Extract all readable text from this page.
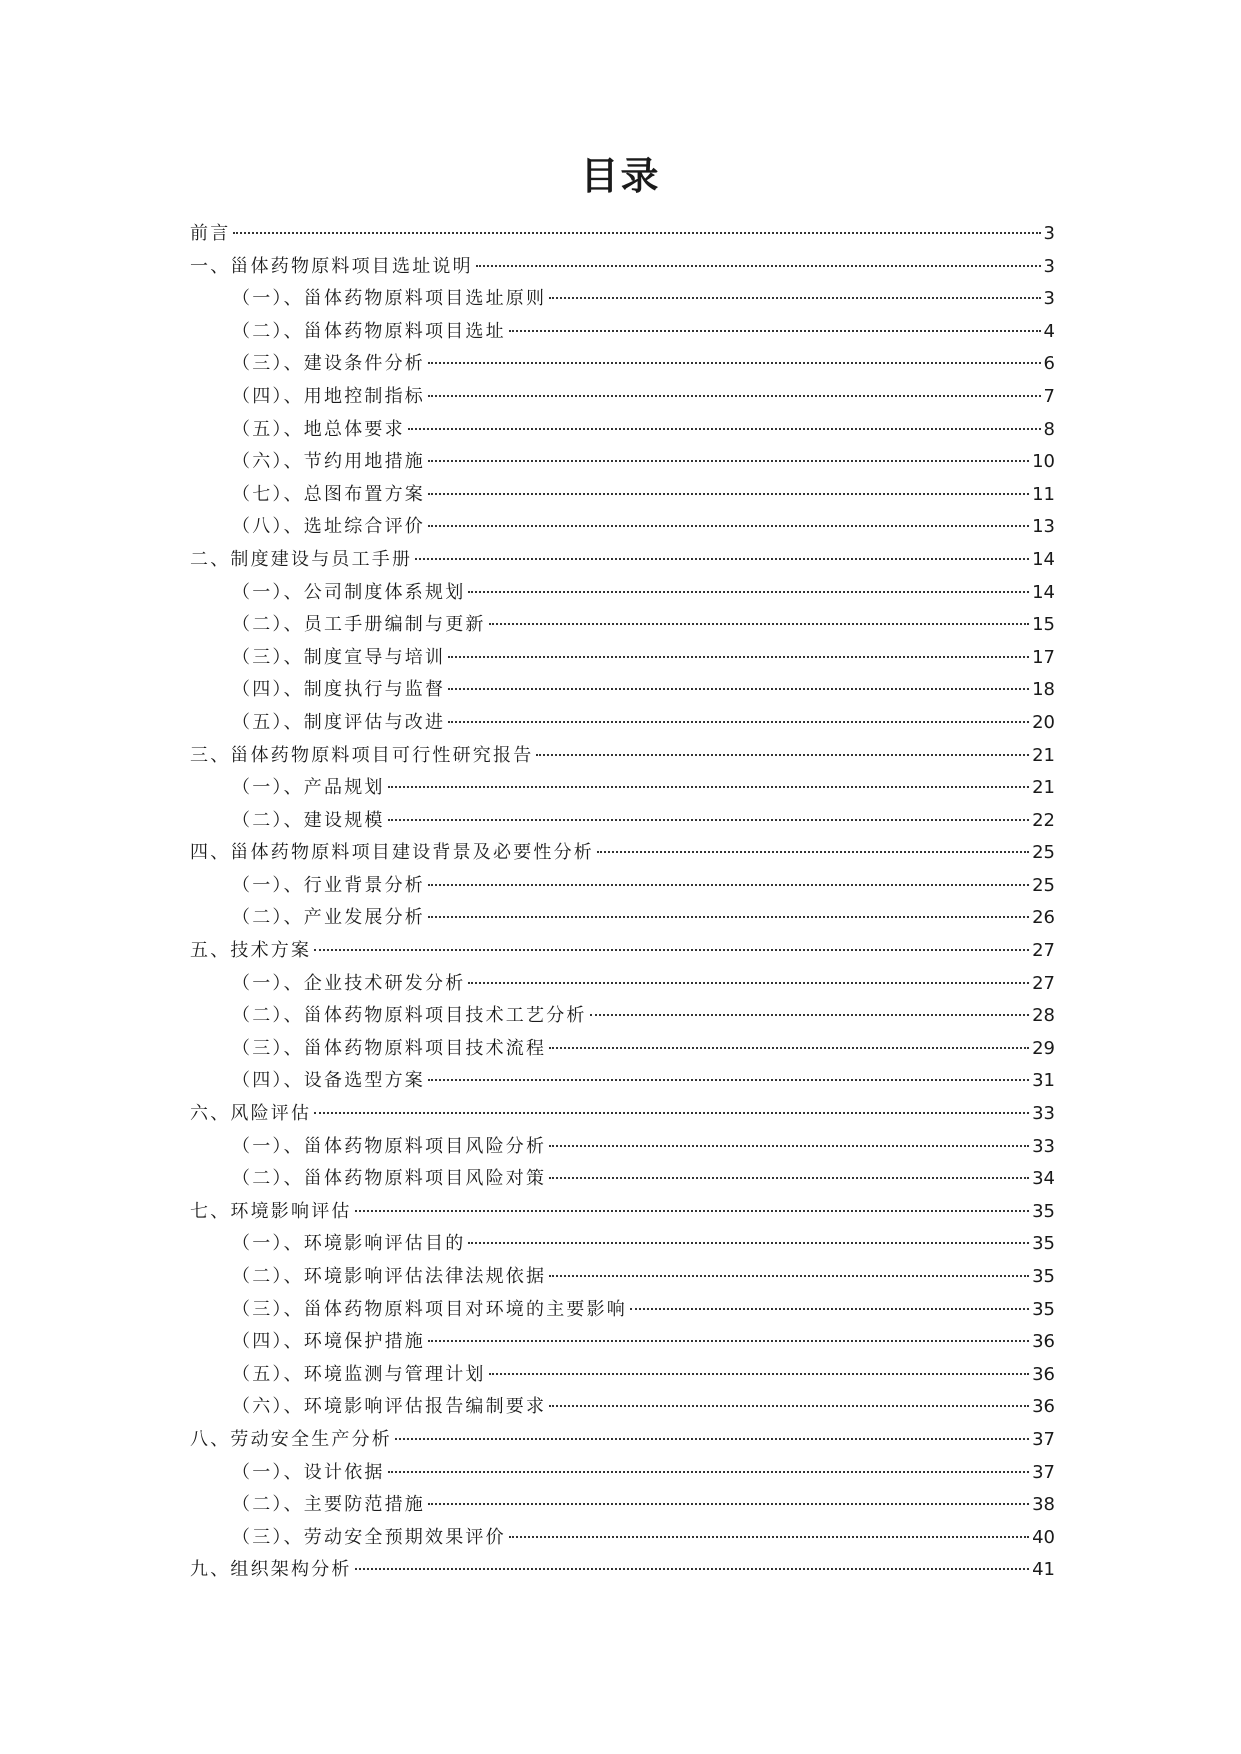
目录
前言	3
一、甾体药物原料项目选址说明	3
（一）、甾体药物原料项目选址原则	3
（二）、甾体药物原料项目选址	4
（三）、建设条件分析	6
（四）、用地控制指标	7
（五）、地总体要求	8
（六）、节约用地措施	10
（七）、总图布置方案	11
（八）、选址综合评价	13
二、制度建设与员工手册	14
（一）、公司制度体系规划	14
（二）、员工手册编制与更新	15
（三）、制度宣导与培训	17
（四）、制度执行与监督	18
（五）、制度评估与改进	20
三、甾体药物原料项目可行性研究报告	21
（一）、产品规划	21
（二）、建设规模	22
四、甾体药物原料项目建设背景及必要性分析	25
（一）、行业背景分析	25
（二）、产业发展分析	26
五、技术方案	27
（一）、企业技术研发分析	27
（二）、甾体药物原料项目技术工艺分析	28
（三）、甾体药物原料项目技术流程	29
（四）、设备选型方案	31
六、风险评估	33
（一）、甾体药物原料项目风险分析	33
（二）、甾体药物原料项目风险对策	34
七、环境影响评估	35
（一）、环境影响评估目的	35
（二）、环境影响评估法律法规依据	35
（三）、甾体药物原料项目对环境的主要影响	35
（四）、环境保护措施	36
（五）、环境监测与管理计划	36
（六）、环境影响评估报告编制要求	36
八、劳动安全生产分析	37
（一）、设计依据	37
（二）、主要防范措施	38
（三）、劳动安全预期效果评价	40
九、组织架构分析	41
